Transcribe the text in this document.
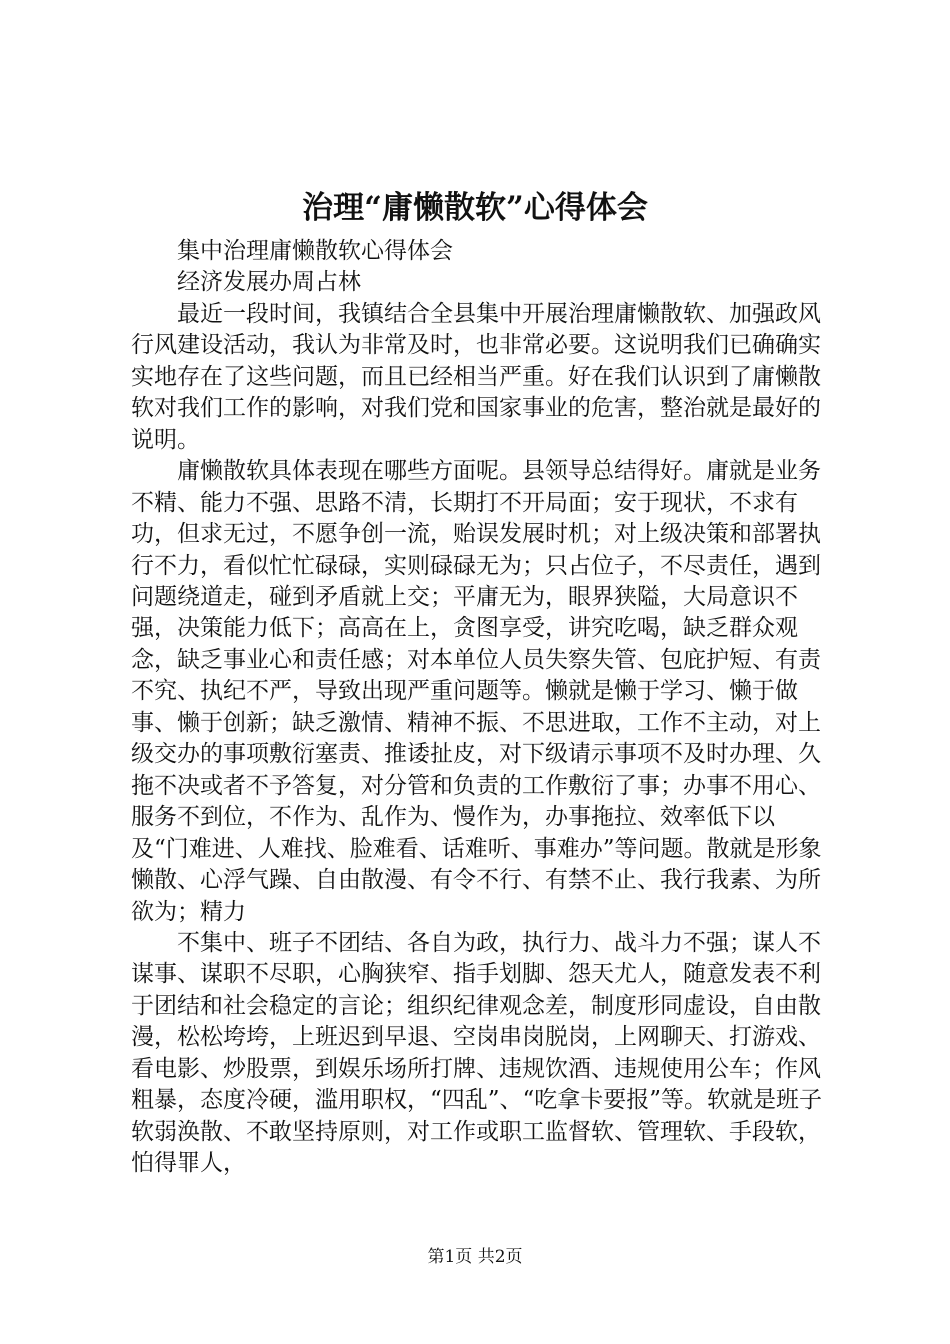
治理“庸懒散软”心得体会

集中治理庸懒散软心得体会

经济发展办周占林

最近一段时间，我镇结合全县集中开展治理庸懒散软、加强政风行风建设活动，我认为非常及时，也非常必要。这说明我们已确确实实地存在了这些问题，而且已经相当严重。好在我们认识到了庸懒散软对我们工作的影响，对我们党和国家事业的危害，整治就是最好的说明。

庸懒散软具体表现在哪些方面呢。县领导总结得好。庸就是业务不精、能力不强、思路不清，长期打不开局面；安于现状，不求有功，但求无过，不愿争创一流，贻误发展时机；对上级决策和部署执行不力，看似忙忙碌碌，实则碌碌无为；只占位子，不尽责任，遇到问题绕道走，碰到矛盾就上交；平庸无为，眼界狭隘，大局意识不强，决策能力低下；高高在上，贪图享受，讲究吃喝，缺乏群众观念，缺乏事业心和责任感；对本单位人员失察失管、包庇护短、有责不究、执纪不严，导致出现严重问题等。懒就是懒于学习、懒于做事、懒于创新；缺乏激情、精神不振、不思进取，工作不主动，对上级交办的事项敷衍塞责、推诿扯皮，对下级请示事项不及时办理、久拖不决或者不予答复，对分管和负责的工作敷衍了事；办事不用心、服务不到位，不作为、乱作为、慢作为，办事拖拉、效率低下以及“门难进、人难找、脸难看、话难听、事难办”等问题。散就是形象懒散、心浮气躁、自由散漫、有令不行、有禁不止、我行我素、为所欲为；精力

不集中、班子不团结、各自为政，执行力、战斗力不强；谋人不谋事、谋职不尽职，心胸狭窄、指手划脚、怨天尤人，随意发表不利于团结和社会稳定的言论；组织纪律观念差，制度形同虚设，自由散漫，松松垮垮，上班迟到早退、空岗串岗脱岗，上网聊天、打游戏、看电影、炒股票，到娱乐场所打牌、违规饮酒、违规使用公车；作风粗暴，态度冷硬，滥用职权，“四乱”、“吃拿卡要报”等。软就是班子软弱涣散、不敢坚持原则，对工作或职工监督软、管理软、手段软，怕得罪人，

第1页 共2页
